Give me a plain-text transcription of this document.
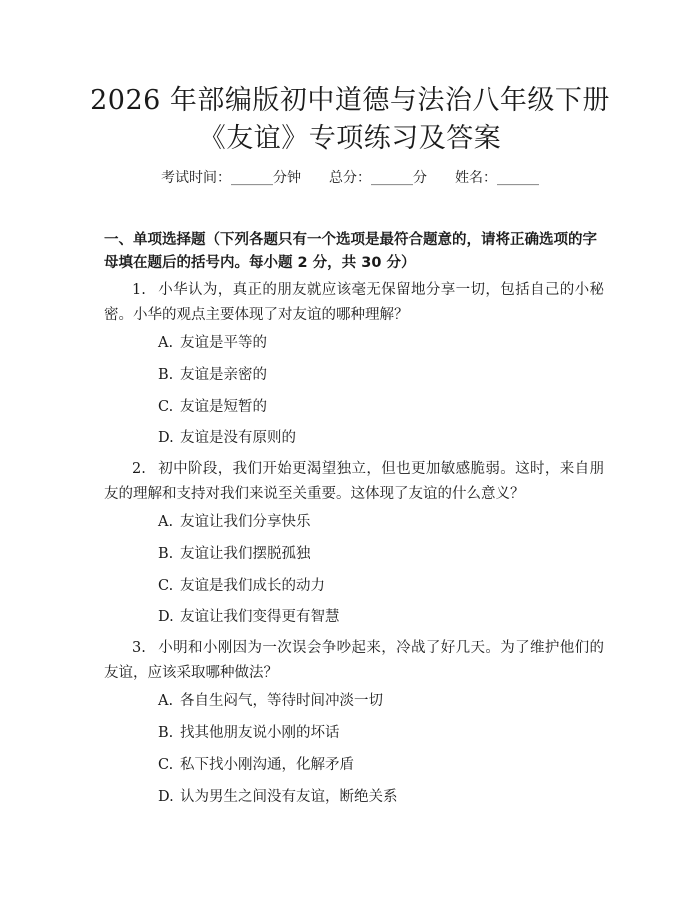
2026 年部编版初中道德与法治八年级下册
《友谊》专项练习及答案
考试时间：______分钟 总分：______分 姓名：______
一、单项选择题（下列各题只有一个选项是最符合题意的，请将正确选项的字母填在题后的括号内。每小题 2 分，共 30 分）
1. 小华认为，真正的朋友就应该毫无保留地分享一切，包括自己的小秘密。小华的观点主要体现了对友谊的哪种理解？
A. 友谊是平等的
B. 友谊是亲密的
C. 友谊是短暂的
D. 友谊是没有原则的
2. 初中阶段，我们开始更渴望独立，但也更加敏感脆弱。这时，来自朋友的理解和支持对我们来说至关重要。这体现了友谊的什么意义？
A. 友谊让我们分享快乐
B. 友谊让我们摆脱孤独
C. 友谊是我们成长的动力
D. 友谊让我们变得更有智慧
3. 小明和小刚因为一次误会争吵起来，冷战了好几天。为了维护他们的友谊，应该采取哪种做法？
A. 各自生闷气，等待时间冲淡一切
B. 找其他朋友说小刚的坏话
C. 私下找小刚沟通，化解矛盾
D. 认为男生之间没有友谊，断绝关系
